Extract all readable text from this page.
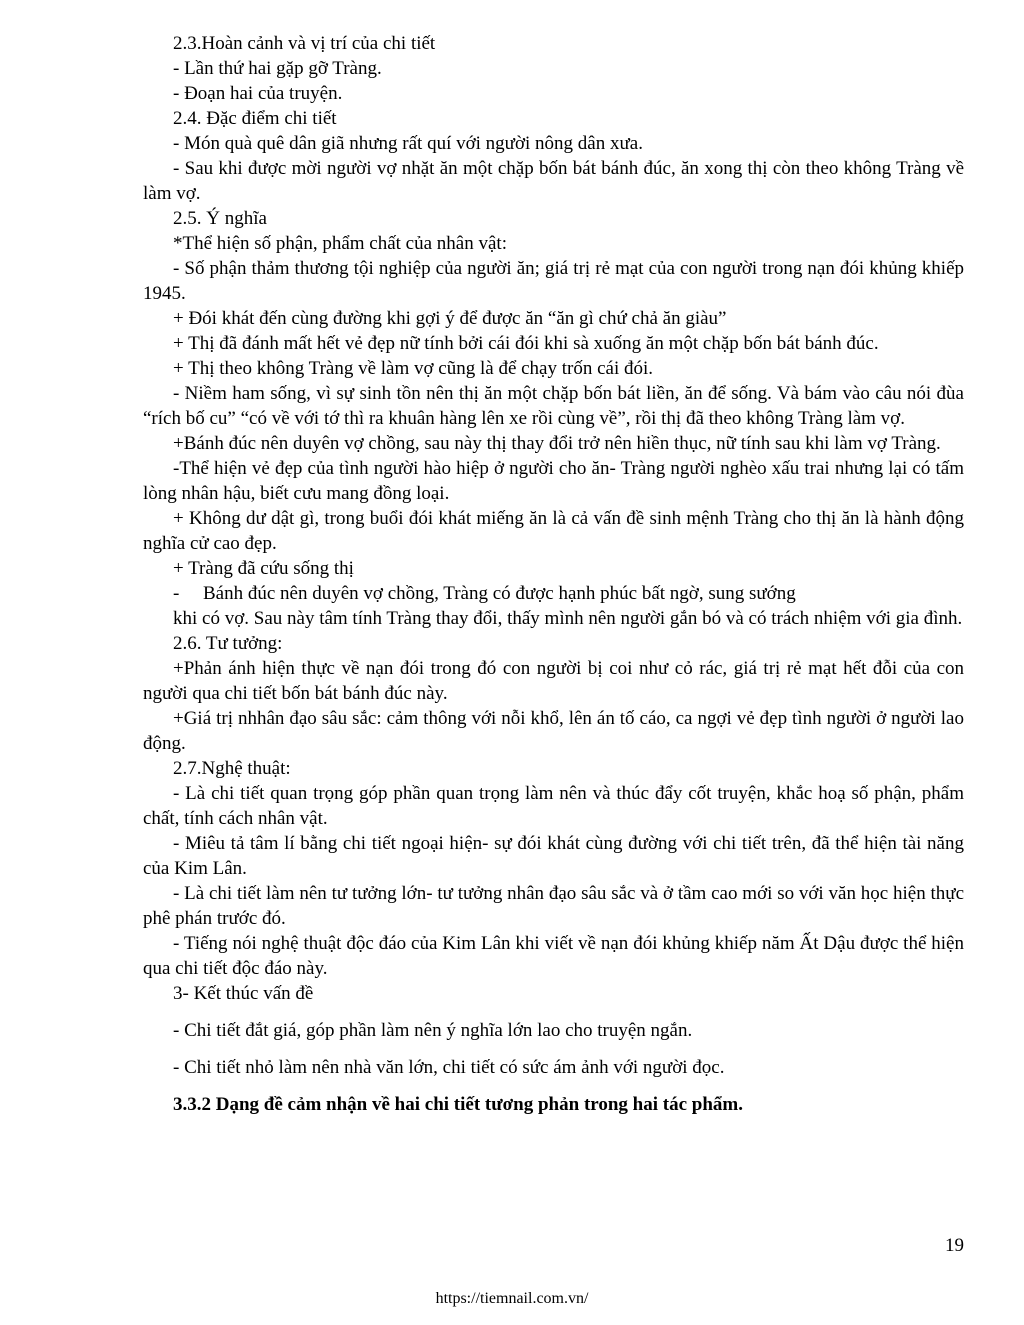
2.3.Hoàn cảnh và vị trí của chi tiết

- Lần thứ hai gặp gỡ Tràng.

- Đoạn hai của truyện.

2.4. Đặc điểm chi tiết

- Món quà quê dân giã nhưng rất quí với người nông dân xưa.

- Sau khi được mời người vợ nhặt ăn một chặp bốn bát bánh đúc, ăn xong thị còn theo không Tràng về làm vợ.

2.5. Ý nghĩa

*Thể hiện số phận, phẩm chất của nhân vật:

- Số phận thảm thương tội nghiệp của người ăn; giá trị rẻ mạt của con người trong nạn đói khủng khiếp 1945.

+ Đói khát đến cùng đường khi gợi ý để được ăn “ăn gì chứ chả ăn giàu”

+ Thị đã đánh mất hết vẻ đẹp nữ tính bởi cái đói khi sà xuống ăn một chặp bốn bát bánh đúc.

+ Thị theo không Tràng về làm vợ cũng là để chạy trốn cái đói.

- Niềm ham sống, vì sự sinh tồn nên thị ăn một chặp bốn bát liền, ăn để sống. Và bám vào câu nói đùa “rích bố cu” “có về với tớ thì ra khuân hàng lên xe rồi cùng về”, rồi thị đã theo không Tràng làm vợ.

+Bánh đúc nên duyên vợ chồng, sau này thị thay đổi trở nên hiền thục, nữ tính sau khi làm vợ Tràng.

-Thể hiện vẻ đẹp của tình người hào hiệp ở người cho ăn- Tràng người nghèo xấu trai nhưng lại có tấm lòng nhân hậu, biết cưu mang đồng loại.

+ Không dư dật gì, trong buổi đói khát miếng ăn là cả vấn đề sinh mệnh Tràng cho thị ăn là hành động nghĩa cử cao đẹp.

+ Tràng đã cứu sống thị

- Bánh đúc nên duyên vợ chồng, Tràng có được hạnh phúc bất ngờ, sung sướng

khi có vợ. Sau này tâm tính Tràng thay đổi, thấy mình nên người gắn bó và có trách nhiệm với gia đình.

2.6. Tư tưởng:

+Phản ánh hiện thực về nạn đói trong đó con người bị coi như cỏ rác, giá trị rẻ mạt hết đỗi của con người qua chi tiết bốn bát bánh đúc này.

+Giá trị nhhân đạo sâu sắc: cảm thông với nỗi khổ, lên án tố cáo, ca ngợi vẻ đẹp tình người ở người lao động.

2.7.Nghệ thuật:

- Là chi tiết quan trọng góp phần quan trọng làm nên và thúc đẩy cốt truyện, khắc hoạ số phận, phẩm chất, tính cách nhân vật.

- Miêu tả tâm lí bằng chi tiết ngoại hiện- sự đói khát cùng đường với chi tiết trên, đã thể hiện tài năng của Kim Lân.

- Là chi tiết làm nên tư tưởng lớn- tư tưởng nhân đạo sâu sắc và ở tầm cao mới so với văn học hiện thực phê phán trước đó.

- Tiếng nói nghệ thuật độc đáo của Kim Lân khi viết về nạn đói khủng khiếp năm Ất Dậu được thể hiện qua chi tiết độc đáo này.

3- Kết thúc vấn đề

- Chi tiết đắt giá, góp phần làm nên ý nghĩa lớn lao cho truyện ngắn.

- Chi tiết nhỏ làm nên nhà văn lớn, chi tiết có sức ám ảnh với người đọc.

3.3.2 Dạng đề cảm nhận về hai chi tiết tương phản trong hai tác phẩm.

19
https://tiemnail.com.vn/
